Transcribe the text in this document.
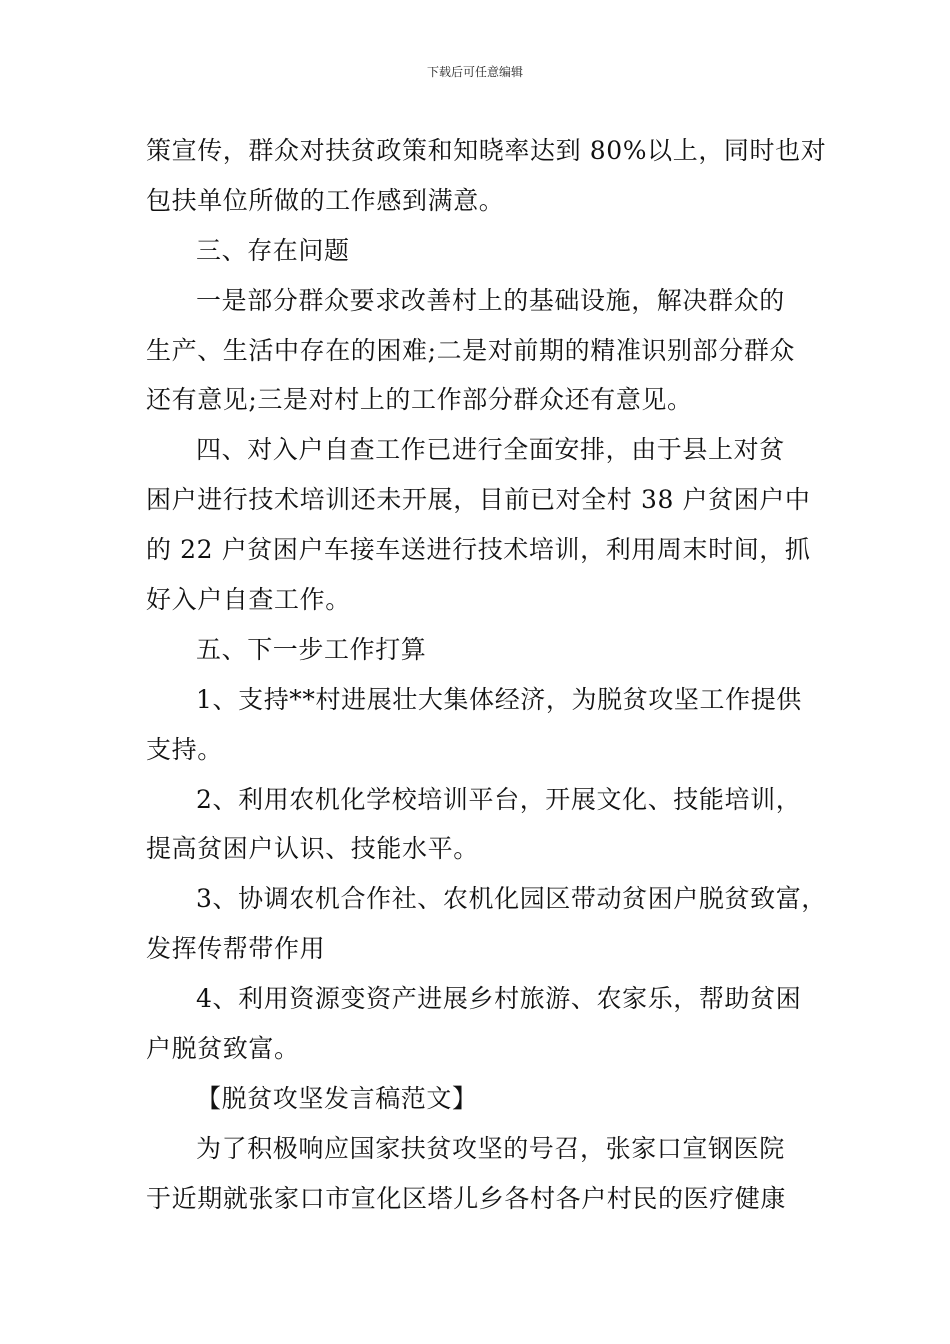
下载后可任意编辑
策宣传，群众对扶贫政策和知晓率达到 80%以上，同时也对
包扶单位所做的工作感到满意。
三、存在问题
一是部分群众要求改善村上的基础设施，解决群众的
生产、生活中存在的困难;二是对前期的精准识别部分群众
还有意见;三是对村上的工作部分群众还有意见。
四、对入户自查工作已进行全面安排，由于县上对贫
困户进行技术培训还未开展，目前已对全村 38 户贫困户中
的 22 户贫困户车接车送进行技术培训，利用周末时间，抓
好入户自查工作。
五、下一步工作打算
1、支持**村进展壮大集体经济，为脱贫攻坚工作提供
支持。
2、利用农机化学校培训平台，开展文化、技能培训，
提高贫困户认识、技能水平。
3、协调农机合作社、农机化园区带动贫困户脱贫致富，
发挥传帮带作用
4、利用资源变资产进展乡村旅游、农家乐，帮助贫困
户脱贫致富。
【脱贫攻坚发言稿范文】
为了积极响应国家扶贫攻坚的号召，张家口宣钢医院
于近期就张家口市宣化区塔儿乡各村各户村民的医疗健康
